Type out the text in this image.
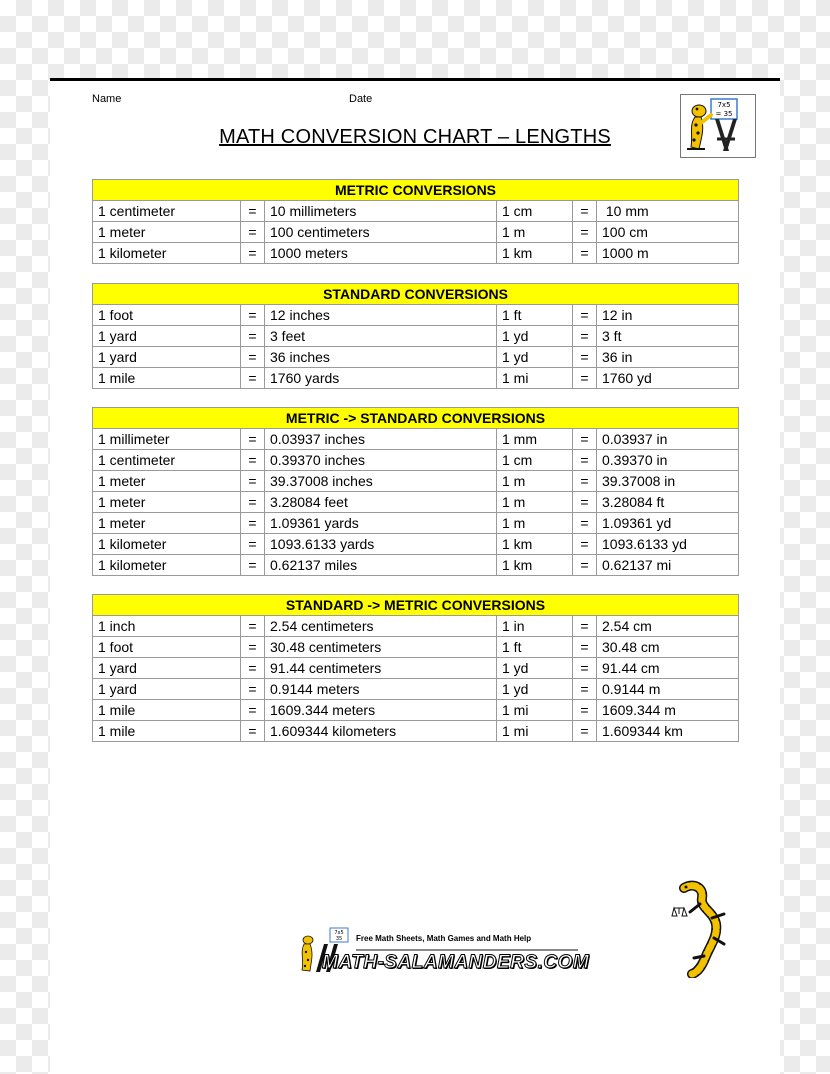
Name	Date
MATH CONVERSION CHART – LENGTHS
7x5
= 35
METRIC CONVERSIONS					
1 centimeter	=	10 millimeters	1 cm	=	10 mm
1 meter	=	100 centimeters	1 m	=	100 cm
1 kilometer	=	1000 meters	1 km	=	1000 m
STANDARD CONVERSIONS					
1 foot	=	12 inches	1 ft	=	12 in
1 yard	=	3 feet	1 yd	=	3 ft
1 yard	=	36 inches	1 yd	=	36 in
1 mile	=	1760 yards	1 mi	=	1760 yd
METRIC -> STANDARD CONVERSIONS					
1 millimeter	=	0.03937 inches	1 mm	=	0.03937 in
1 centimeter	=	0.39370 inches	1 cm	=	0.39370 in
1 meter	=	39.37008 inches	1 m	=	39.37008 in
1 meter	=	3.28084 feet	1 m	=	3.28084 ft
1 meter	=	1.09361 yards	1 m	=	1.09361 yd
1 kilometer	=	1093.6133 yards	1 km	=	1093.6133 yd
1 kilometer	=	0.62137 miles	1 km	=	0.62137 mi
STANDARD -> METRIC CONVERSIONS					
1 inch	=	2.54 centimeters	1 in	=	2.54 cm
1 foot	=	30.48 centimeters	1 ft	=	30.48 cm
1 yard	=	91.44 centimeters	1 yd	=	91.44 cm
1 yard	=	0.9144 meters	1 yd	=	0.9144 m
1 mile	=	1609.344 meters	1 mi	=	1609.344 m
1 mile	=	1.609344 kilometers	1 mi	=	1.609344 km
7x5
35 Free Math Sheets, Math Games and Math Help
MATH-SALAMANDERS.COM
